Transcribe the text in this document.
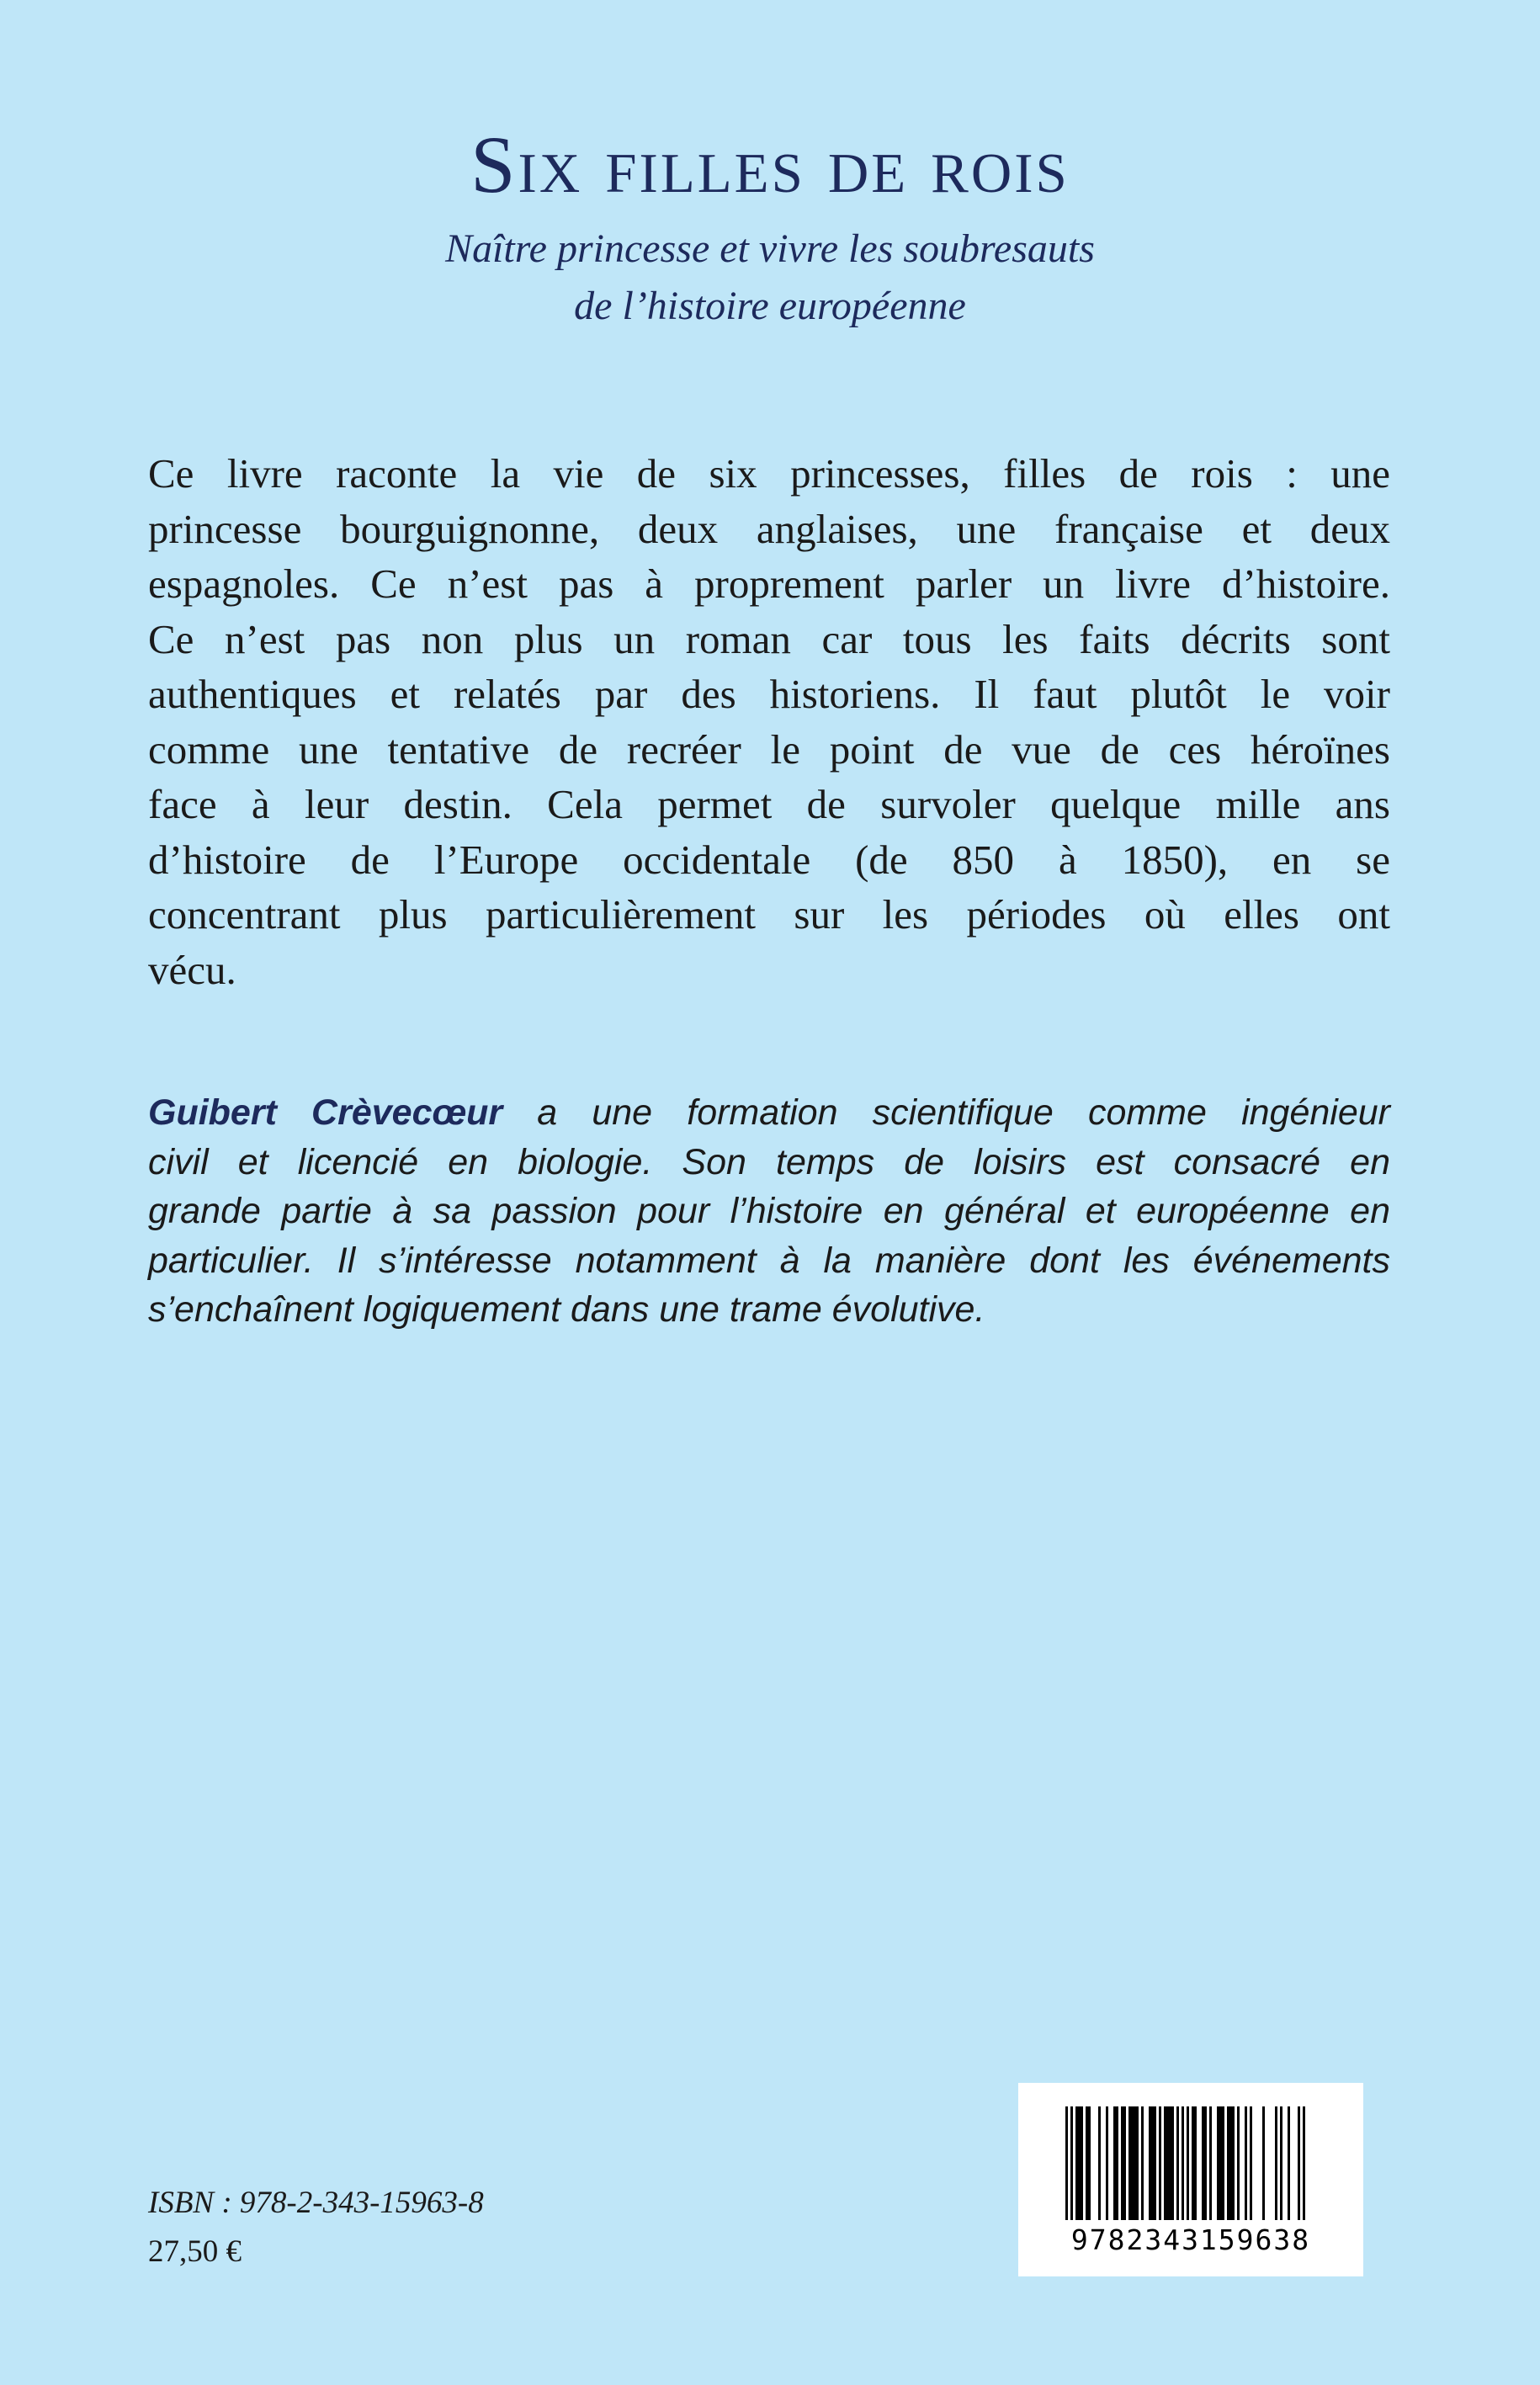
Six filles de rois
Naître princesse et vivre les soubresauts
de l’histoire européenne
Ce livre raconte la vie de six princesses, filles de rois : une
princesse bourguignonne, deux anglaises, une française et deux
espagnoles. Ce n’est pas à proprement parler un livre d’histoire.
Ce n’est pas non plus un roman car tous les faits décrits sont
authentiques et relatés par des historiens. Il faut plutôt le voir
comme une tentative de recréer le point de vue de ces héroïnes
face à leur destin. Cela permet de survoler quelque mille ans
d’histoire de l’Europe occidentale (de 850 à 1850), en se
concentrant plus particulièrement sur les périodes où elles ont
vécu.
Guibert Crèvecœur a une formation scientifique comme ingénieur
civil et licencié en biologie. Son temps de loisirs est consacré en
grande partie à sa passion pour l’histoire en général et européenne en
particulier. Il s’intéresse notamment à la manière dont les événements
s’enchaînent logiquement dans une trame évolutive.
ISBN : 978-2-343-15963-8
27,50 €	9782343159638
